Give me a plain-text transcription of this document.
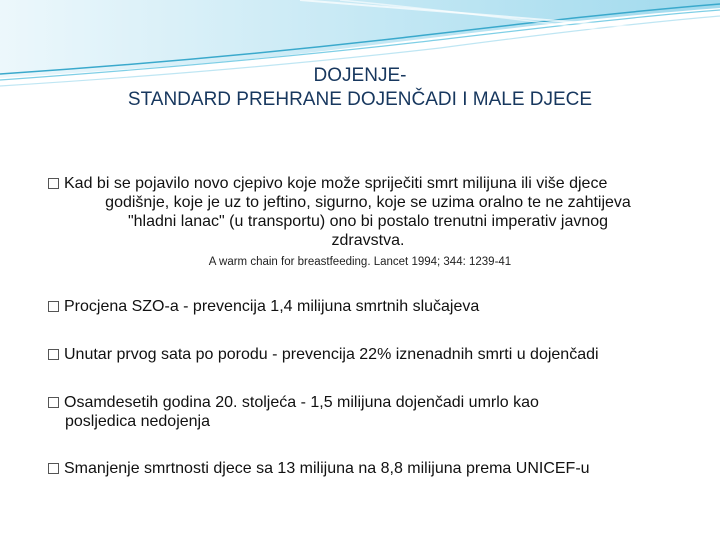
DOJENJE-
STANDARD PREHRANE DOJENČADI I MALE DJECE
Kad bi se pojavilo novo cjepivo koje može spriječiti smrt milijuna ili više djece
godišnje, koje je uz to jeftino, sigurno, koje se uzima oralno te ne zahtijeva
"hladni lanac" (u transportu) ono bi postalo trenutni imperativ javnog
zdravstva.
A warm chain for breastfeeding. Lancet 1994; 344: 1239-41
Procjena SZO-a - prevencija 1,4 milijuna smrtnih slučajeva
Unutar prvog sata po porodu - prevencija 22% iznenadnih smrti u dojenčadi
Osamdesetih godina 20. stoljeća - 1,5 milijuna dojenčadi umrlo kao
posljedica nedojenja
Smanjenje smrtnosti djece sa 13 milijuna na 8,8 milijuna prema UNICEF-u
